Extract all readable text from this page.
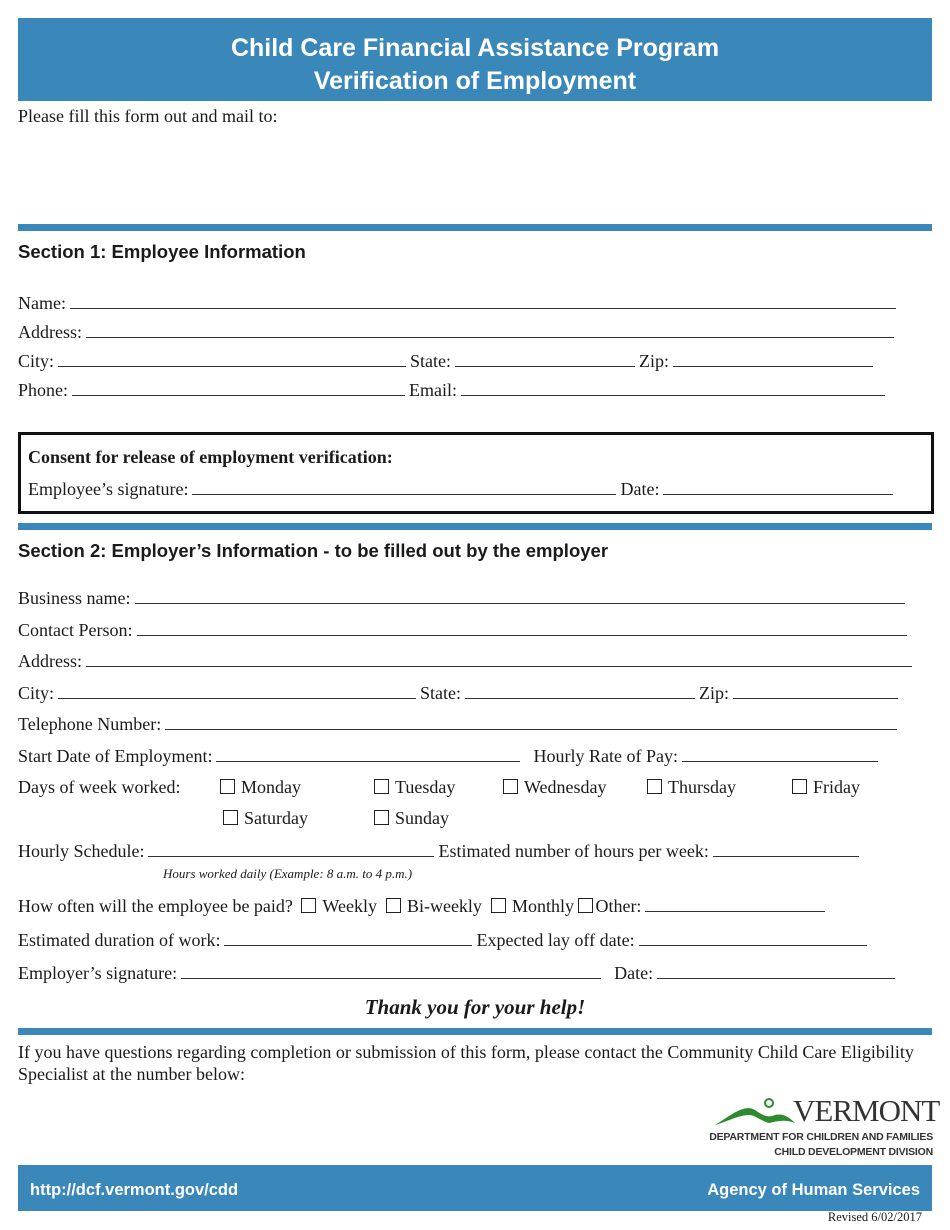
Child Care Financial Assistance Program
Verification of Employment
Please fill this form out and mail to:
Section 1: Employee Information
Name:
Address:
City:	State:	Zip:
Phone:	Email:
Consent for release of employment verification:
Employee’s signature:	Date:
Section 2: Employer’s Information - to be filled out by the employer
Business name:
Contact Person:
Address:
City:	State:	Zip:
Telephone Number:
Start Date of Employment:	Hourly Rate of Pay:
Days of week worked:	Monday	Tuesday	Wednesday	Thursday	Friday
Saturday	Sunday
Hourly Schedule:	Estimated number of hours per week:
Hours worked daily (Example: 8 a.m. to 4 p.m.)
How often will the employee be paid? Weekly Bi-weekly Monthly Other:
Estimated duration of work:	Expected lay off date:
Employer’s signature:	Date:
Thank you for your help!
If you have questions regarding completion or submission of this form, please contact the Community Child Care Eligibility Specialist at the number below:
VERMONT
DEPARTMENT FOR CHILDREN AND FAMILIES
CHILD DEVELOPMENT DIVISION
http://dcf.vermont.gov/cdd	Agency of Human Services
Revised 6/02/2017
